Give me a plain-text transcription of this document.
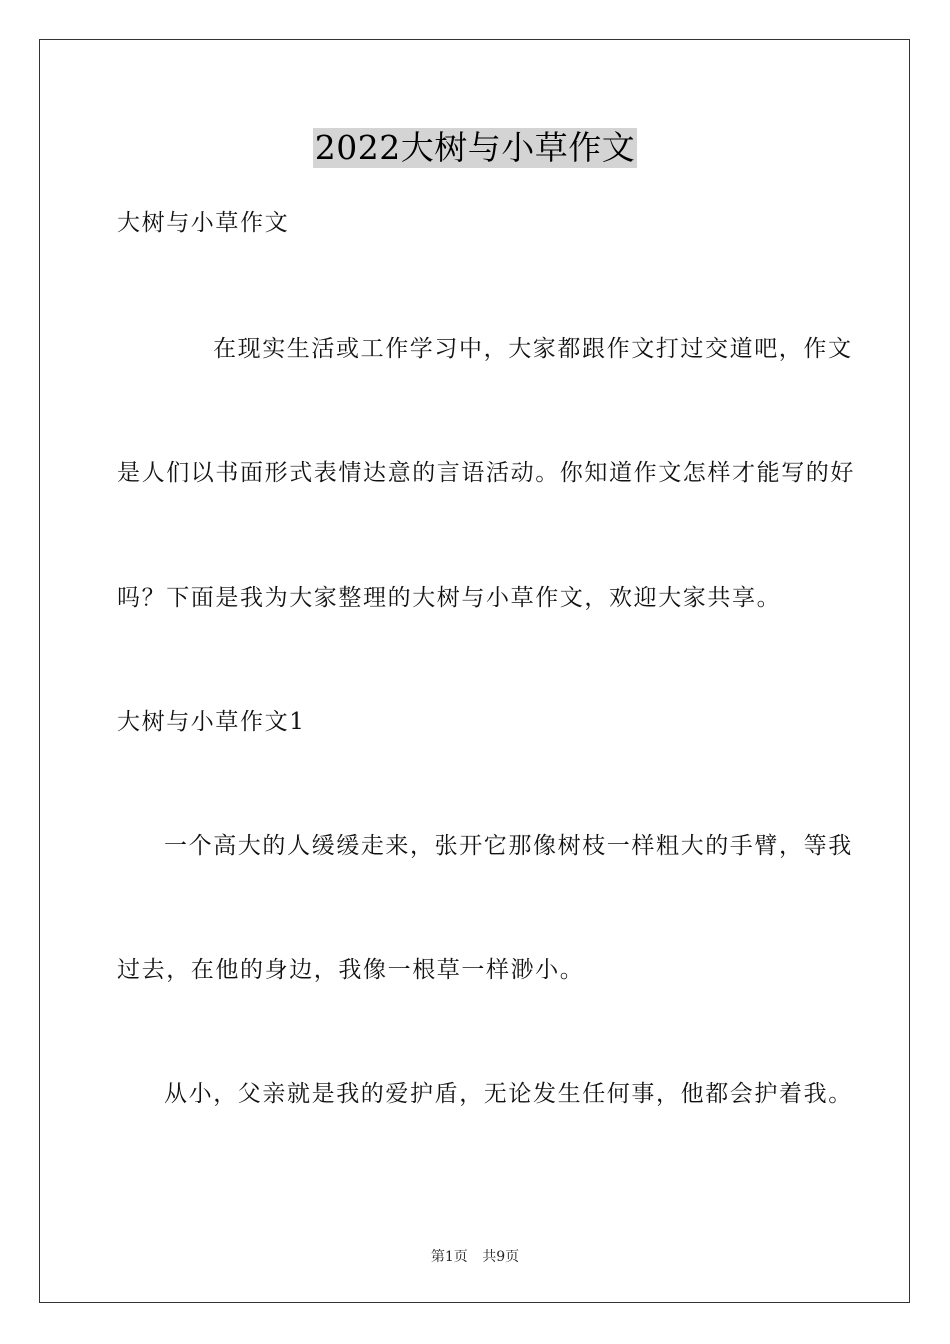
2022大树与小草作文
大树与小草作文
在现实生活或工作学习中，大家都跟作文打过交道吧，作文
是人们以书面形式表情达意的言语活动。你知道作文怎样才能写的好
吗？下面是我为大家整理的大树与小草作文，欢迎大家共享。
大树与小草作文1
一个高大的人缓缓走来，张开它那像树枝一样粗大的手臂，等我
过去，在他的身边，我像一根草一样渺小。
从小，父亲就是我的爱护盾，无论发生任何事，他都会护着我。
第1页 共9页
